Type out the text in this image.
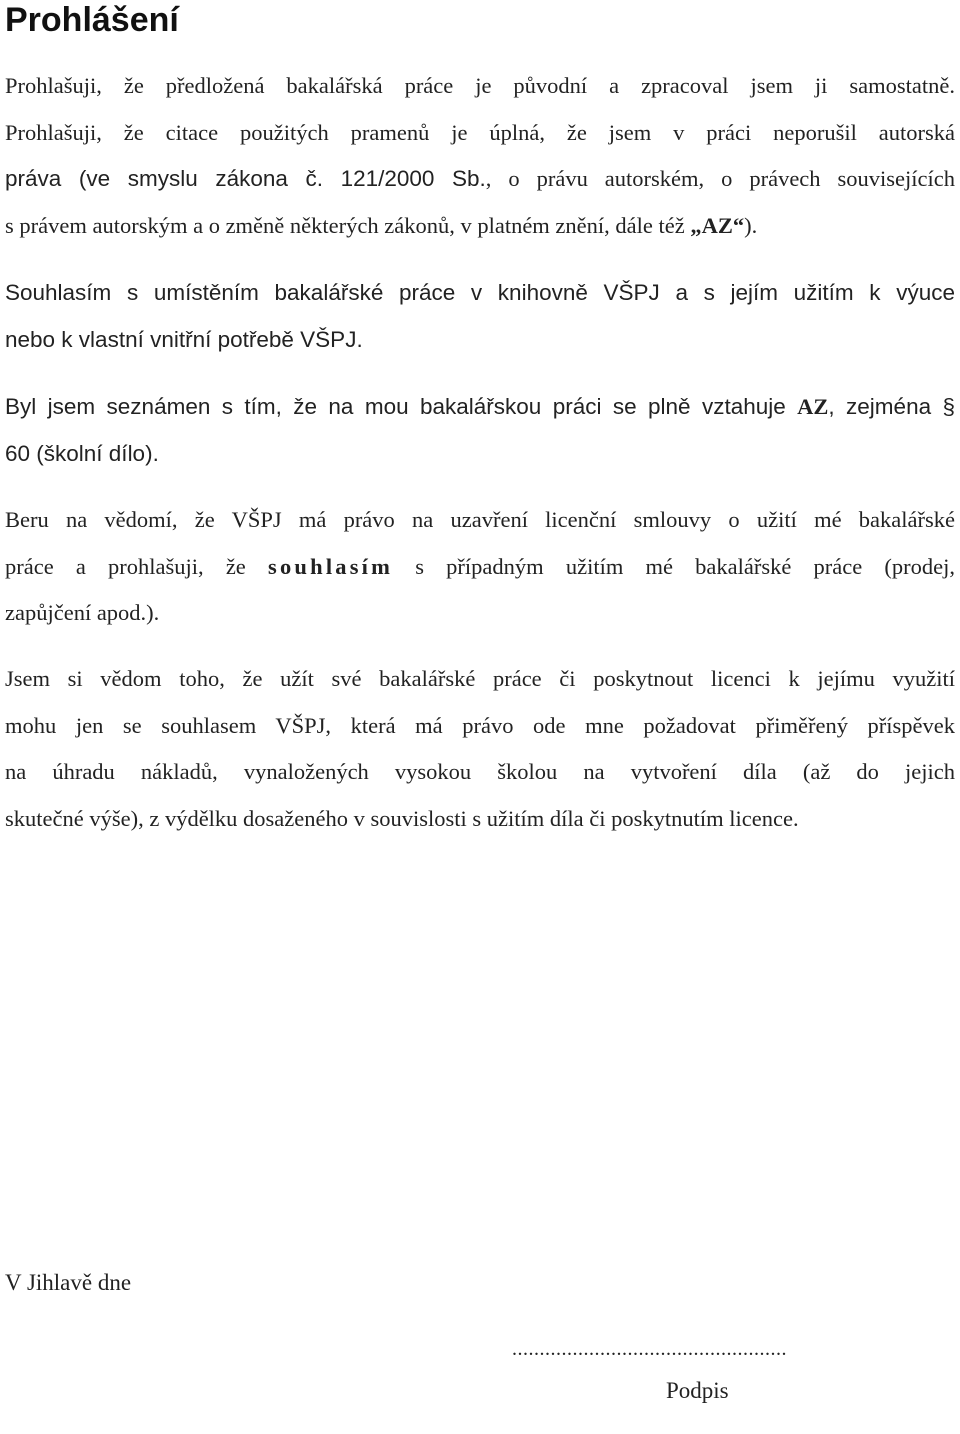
Prohlášení

Prohlašuji, že předložená bakalářská práce je původní a zpracoval jsem ji samostatně.
Prohlašuji, že citace použitých pramenů je úplná, že jsem v práci neporušil autorská
práva (ve smyslu zákona č. 121/2000 Sb., o právu autorském, o právech souvisejících
s právem autorským a o změně některých zákonů, v platném znění, dále též „AZ“).

Souhlasím s umístěním bakalářské práce v knihovně VŠPJ a s jejím užitím k výuce
nebo k vlastní vnitřní potřebě VŠPJ.

Byl jsem seznámen s tím, že na mou bakalářskou práci se plně vztahuje AZ, zejména §
60 (školní dílo).

Beru na vědomí, že VŠPJ má právo na uzavření licenční smlouvy o užití mé bakalářské
práce a prohlašuji, že souhlasím s případným užitím mé bakalářské práce (prodej,
zapůjčení apod.).

Jsem si vědom toho, že užít své bakalářské práce či poskytnout licenci k jejímu využití
mohu jen se souhlasem VŠPJ, která má právo ode mne požadovat přiměřený příspěvek
na úhradu nákladů, vynaložených vysokou školou na vytvoření díla (až do jejich
skutečné výše), z výdělku dosaženého v souvislosti s užitím díla či poskytnutím licence.

V Jihlavě dne

..................................................

Podpis
